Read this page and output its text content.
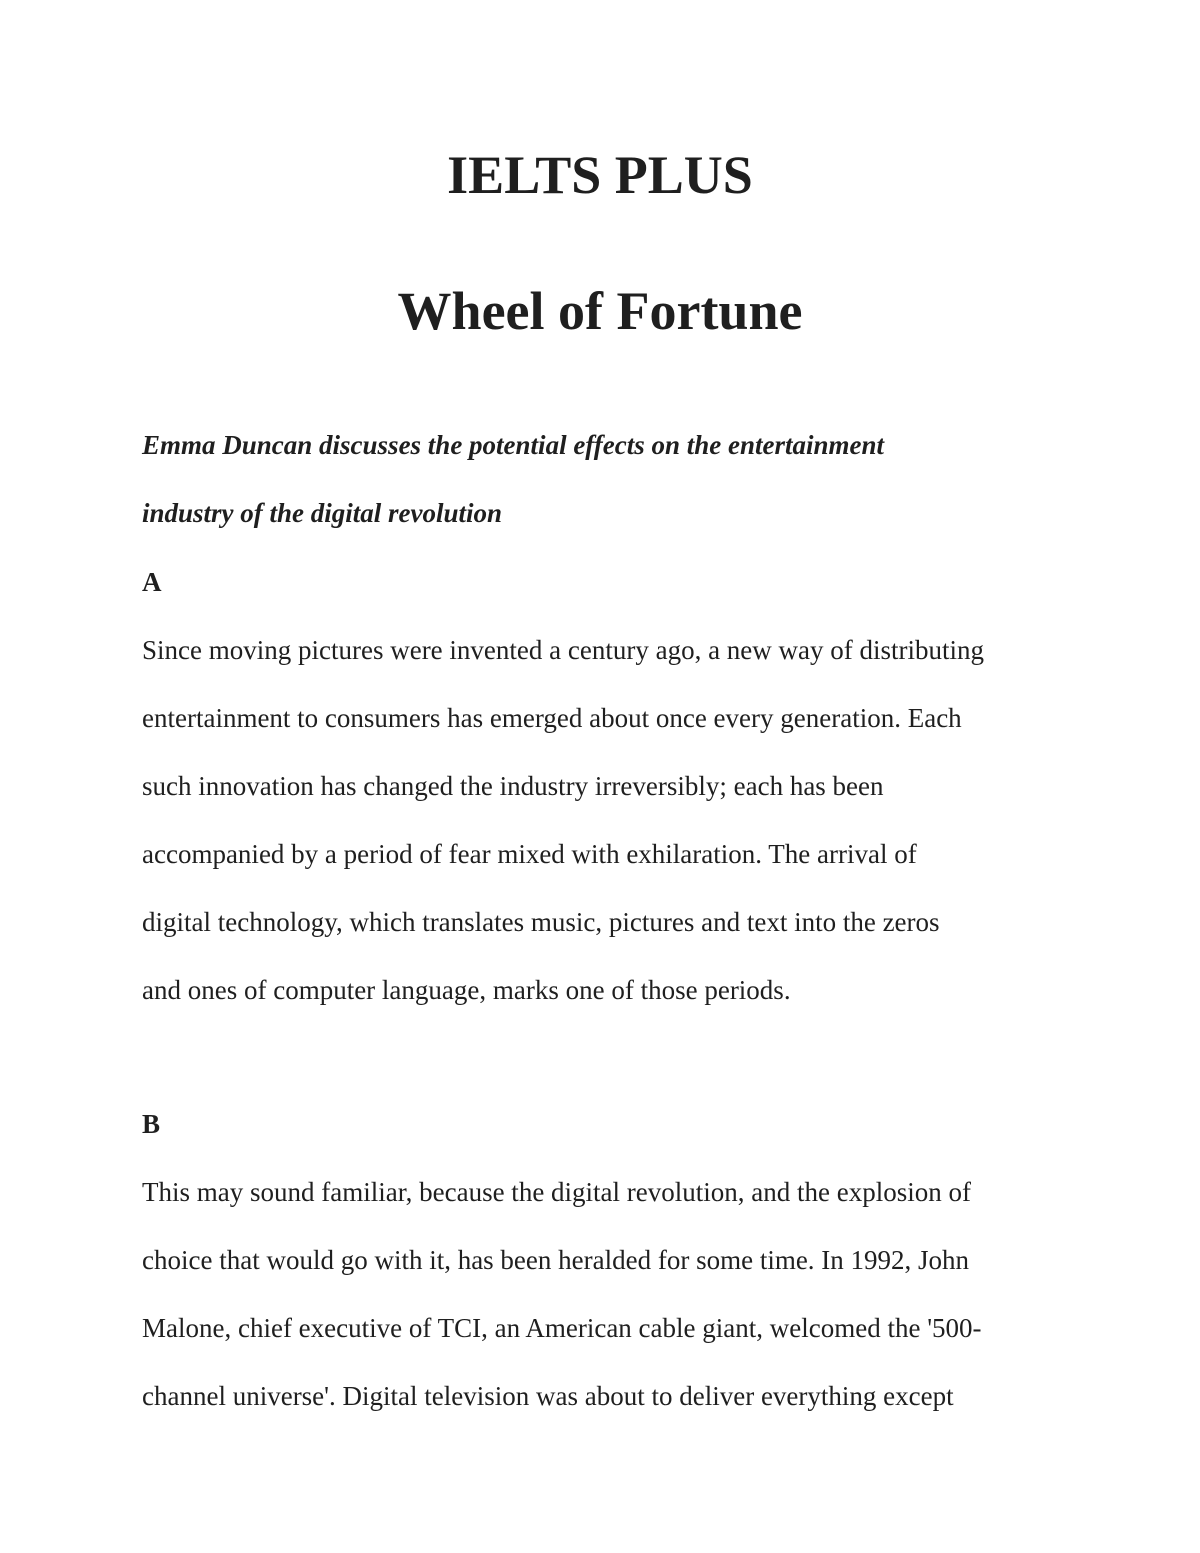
IELTS PLUS
Wheel of Fortune

Emma Duncan discusses the potential effects on the entertainment
industry of the digital revolution

A

Since moving pictures were invented a century ago, a new way of distributing
entertainment to consumers has emerged about once every generation. Each
such innovation has changed the industry irreversibly; each has been
accompanied by a period of fear mixed with exhilaration. The arrival of
digital technology, which translates music, pictures and text into the zeros
and ones of computer language, marks one of those periods.

B

This may sound familiar, because the digital revolution, and the explosion of
choice that would go with it, has been heralded for some time. In 1992, John
Malone, chief executive of TCI, an American cable giant, welcomed the '500-
channel universe'. Digital television was about to deliver everything except
